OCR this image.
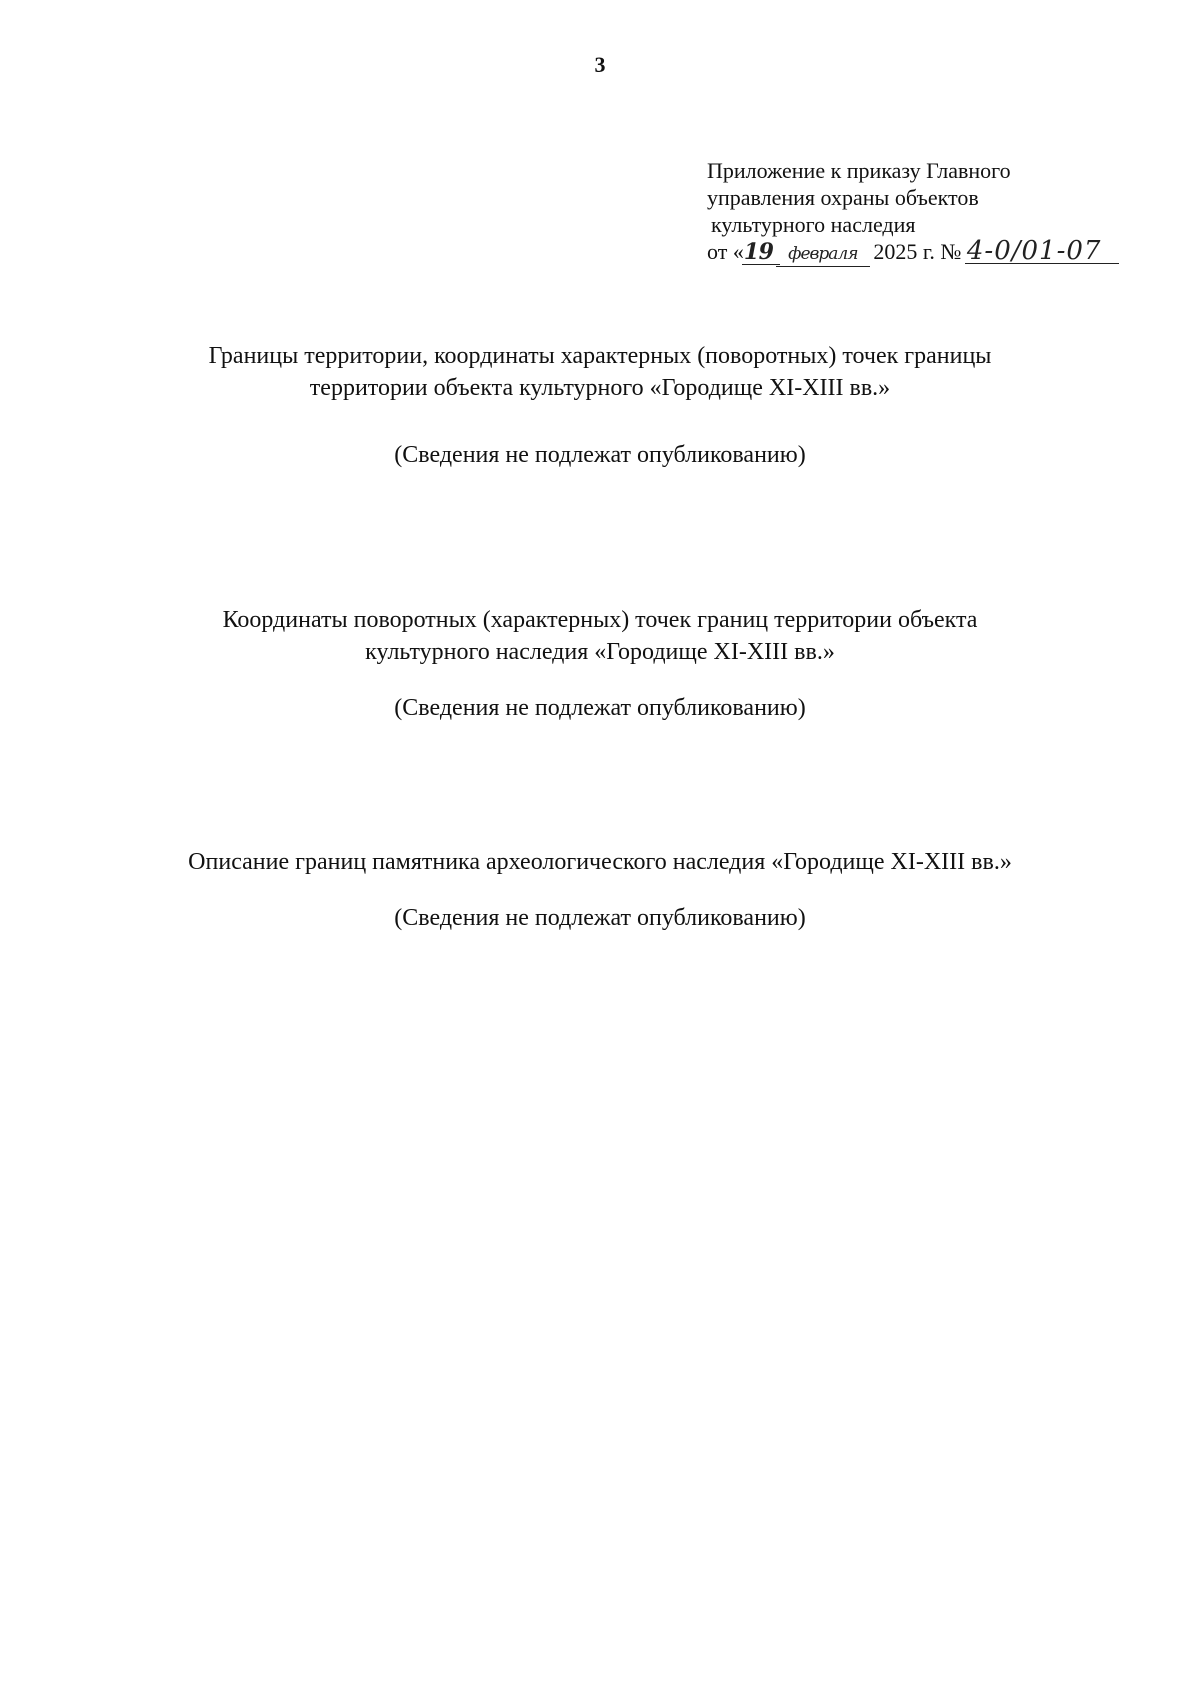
3
Приложение к приказу Главного
управления охраны объектов
культурного наследия
от «19 февраля 2025 г. № 4-0/01-07
Границы территории, координаты характерных (поворотных) точек границы
территории объекта культурного «Городище XI-XIII вв.»
(Сведения не подлежат опубликованию)
Координаты поворотных (характерных) точек границ территории объекта
культурного наследия «Городище XI-XIII вв.»
(Сведения не подлежат опубликованию)
Описание границ памятника археологического наследия «Городище XI-XIII вв.»
(Сведения не подлежат опубликованию)
